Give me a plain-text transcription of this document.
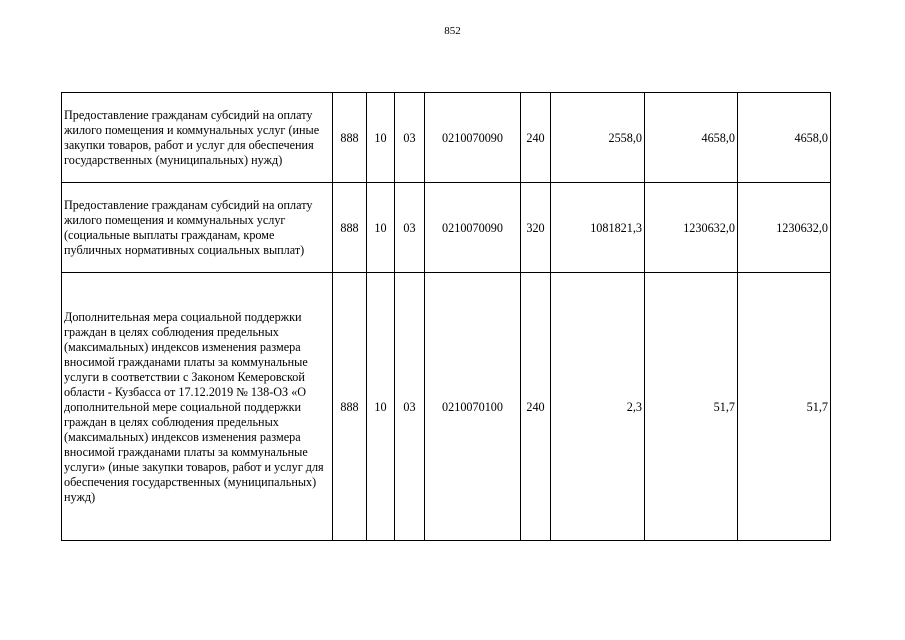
852
Предоставление гражданам субсидий на оплату жилого помещения и коммунальных услуг (иные закупки товаров, работ и услуг для обеспечения государственных (муниципальных) нужд)	888	10	03	0210070090	240	2558,0	4658,0	4658,0
Предоставление гражданам субсидий на оплату жилого помещения и коммунальных услуг (социальные выплаты гражданам, кроме публичных нормативных социальных выплат)	888	10	03	0210070090	320	1081821,3	1230632,0	1230632,0
Дополнительная мера социальной поддержки граждан в целях соблюдения предельных (максимальных) индексов изменения размера вносимой гражданами платы за коммунальные услуги в соответствии с Законом Кемеровской области - Кузбасса от 17.12.2019 № 138-ОЗ «О дополнительной мере социальной поддержки граждан в целях соблюдения предельных (максимальных) индексов изменения размера вносимой гражданами платы за коммунальные услуги» (иные закупки товаров, работ и услуг для обеспечения государственных (муниципальных) нужд)	888	10	03	0210070100	240	2,3	51,7	51,7
